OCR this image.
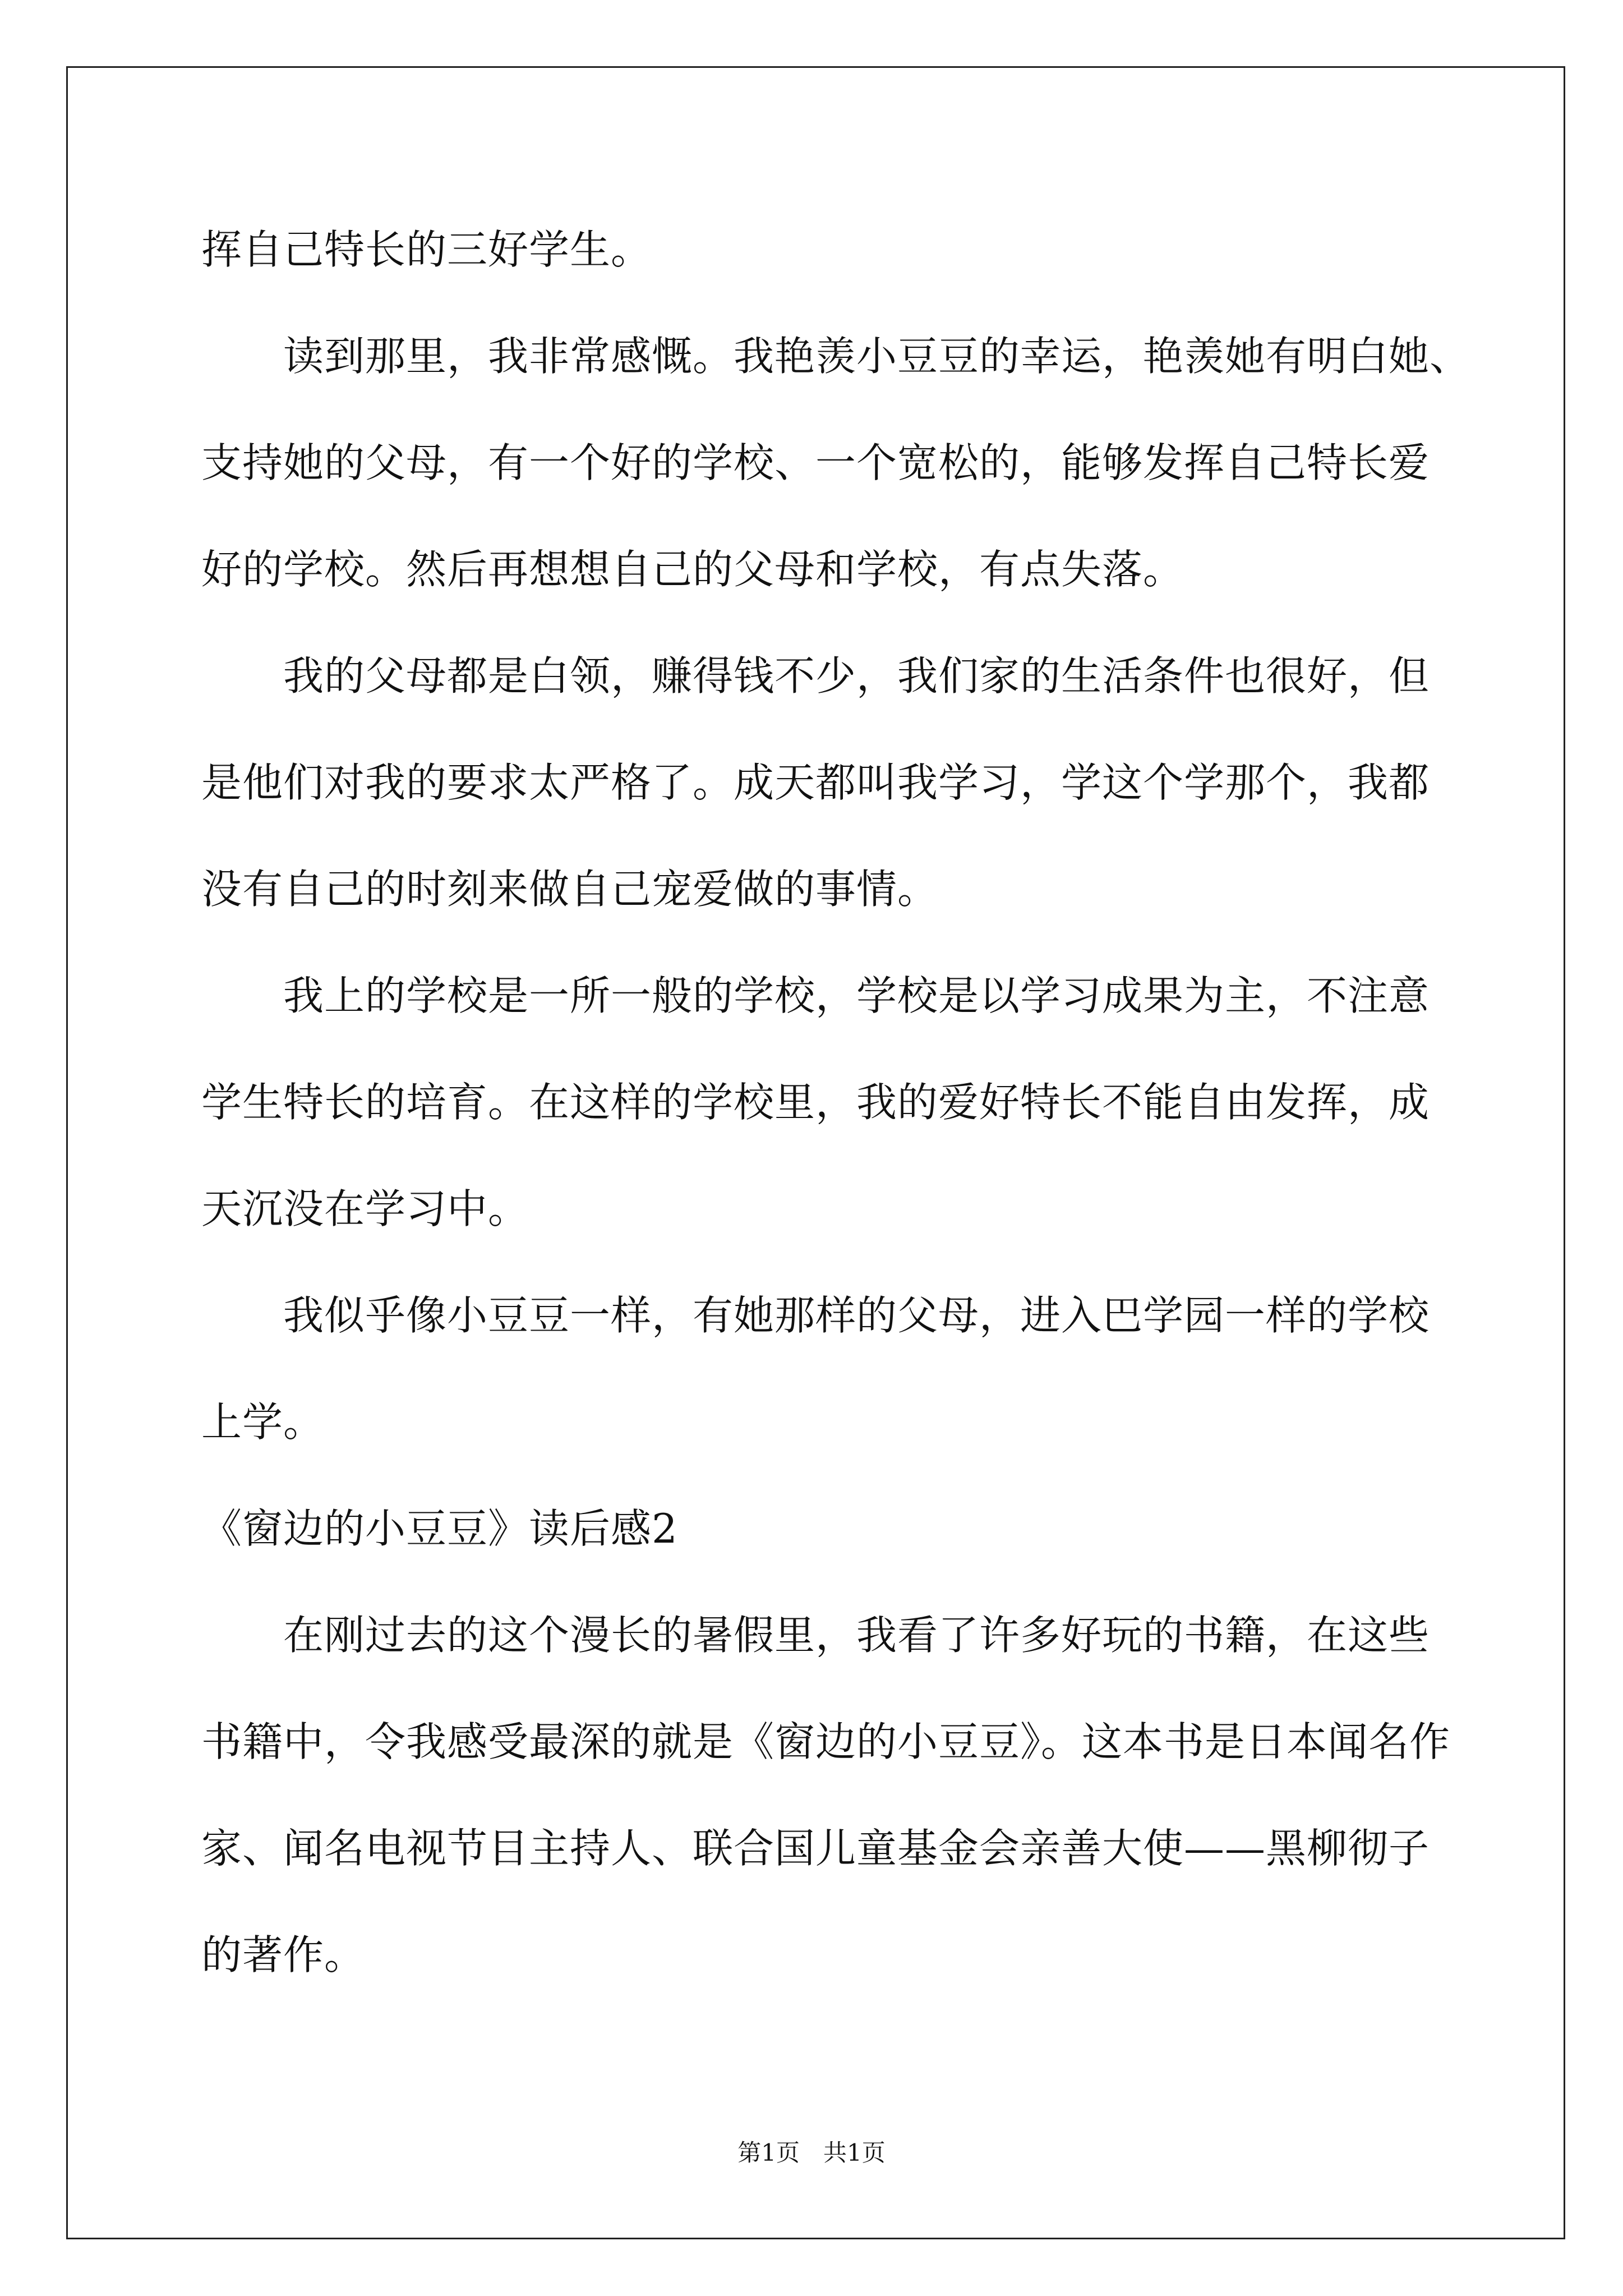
挥自己特长的三好学生。
读到那里，我非常感慨。我艳羡小豆豆的幸运，艳羡她有明白她、
支持她的父母，有一个好的学校、一个宽松的，能够发挥自己特长爱
好的学校。然后再想想自己的父母和学校，有点失落。
我的父母都是白领，赚得钱不少，我们家的生活条件也很好，但
是他们对我的要求太严格了。成天都叫我学习，学这个学那个，我都
没有自己的时刻来做自己宠爱做的事情。
我上的学校是一所一般的学校，学校是以学习成果为主，不注意
学生特长的培育。在这样的学校里，我的爱好特长不能自由发挥，成
天沉没在学习中。
我似乎像小豆豆一样，有她那样的父母，进入巴学园一样的学校
上学。
《窗边的小豆豆》读后感2
在刚过去的这个漫长的暑假里，我看了许多好玩的书籍，在这些
书籍中，令我感受最深的就是《窗边的小豆豆》。这本书是日本闻名作
家、闻名电视节目主持人、联合国儿童基金会亲善大使——黑柳彻子
的著作。
第1页　共1页
